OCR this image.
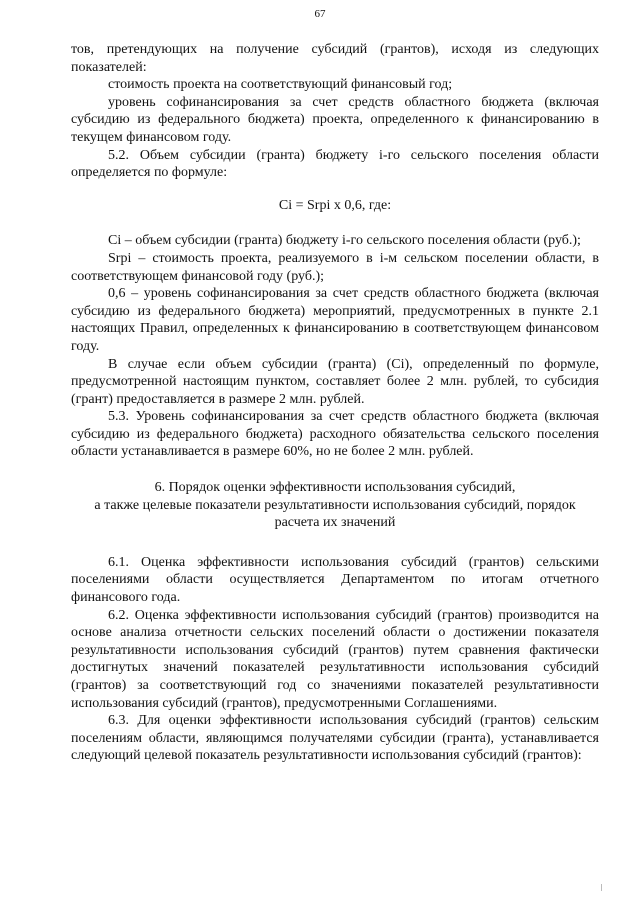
67

тов, претендующих на получение субсидий (грантов), исходя из следующих показателей:

стоимость проекта на соответствующий финансовый год;

уровень софинансирования за счет средств областного бюджета (включая субсидию из федерального бюджета) проекта, определенного к финансированию в текущем финансовом году.

5.2. Объем субсидии (гранта) бюджету i-го сельского поселения области определяется по формуле:

Ci = Srpi х 0,6, где:

Ci – объем субсидии (гранта) бюджету i-го сельского поселения области (руб.);

Srpi – стоимость проекта, реализуемого в i-м сельском поселении области, в соответствующем финансовой году (руб.);

0,6 – уровень софинансирования за счет средств областного бюджета (включая субсидию из федерального бюджета) мероприятий, предусмотренных в пункте 2.1 настоящих Правил, определенных к финансированию в соответствующем финансовом году.

В случае если объем субсидии (гранта) (Ci), определенный по формуле, предусмотренной настоящим пунктом, составляет более 2 млн. рублей, то субсидия (грант) предоставляется в размере 2 млн. рублей.

5.3. Уровень софинансирования за счет средств областного бюджета (включая субсидию из федерального бюджета) расходного обязательства сельского поселения области устанавливается в размере 60%, но не более 2 млн. рублей.

6. Порядок оценки эффективности использования субсидий,
а также целевые показатели результативности использования субсидий, порядок
расчета их значений

6.1. Оценка эффективности использования субсидий (грантов) сельскими поселениями области осуществляется Департаментом по итогам отчетного финансового года.

6.2. Оценка эффективности использования субсидий (грантов) производится на основе анализа отчетности сельских поселений области о достижении показателя результативности использования субсидий (грантов) путем сравнения фактически достигнутых значений показателей результативности использования субсидий (грантов) за соответствующий год со значениями показателей результативности использования субсидий (грантов), предусмотренными Соглашениями.

6.3. Для оценки эффективности использования субсидий (грантов) сельским поселениям области, являющимся получателями субсидии (гранта), устанавливается следующий целевой показатель результативности использования субсидий (грантов):
